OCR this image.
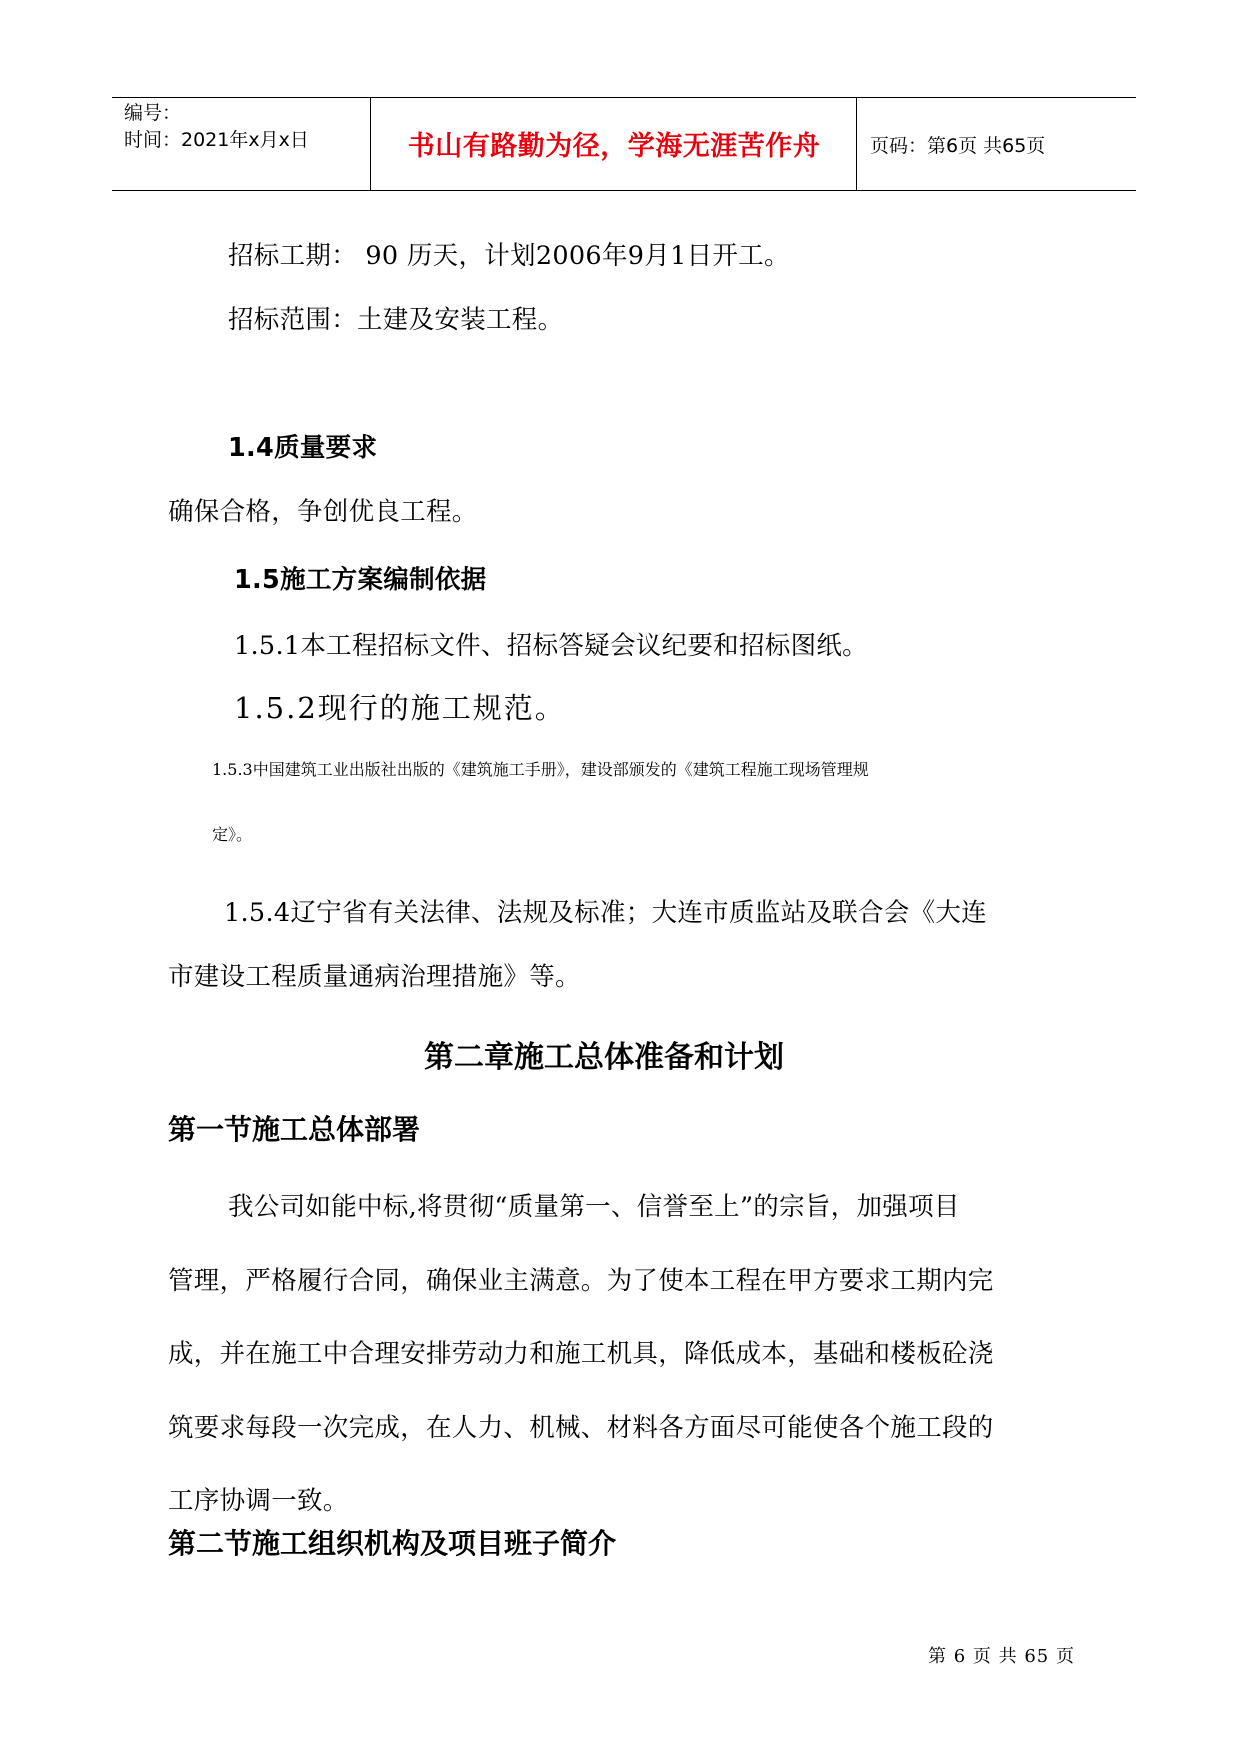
编号：
时间：2021年x月x日	书山有路勤为径，学海无涯苦作舟	页码：第6页 共65页
招标工期： 90 历天，计划2006年9月1日开工。
招标范围：土建及安装工程。
1.4质量要求
确保合格，争创优良工程。
1.5施工方案编制依据
1.5.1本工程招标文件、招标答疑会议纪要和招标图纸。
1.5.2现行的施工规范。
1.5.3中国建筑工业出版社出版的《建筑施工手册》，建设部颁发的《建筑工程施工现场管理规
定》。
1.5.4辽宁省有关法律、法规及标准；大连市质监站及联合会《大连
市建设工程质量通病治理措施》等。
第二章施工总体准备和计划
第一节施工总体部署
我公司如能中标,将贯彻“质量第一、信誉至上”的宗旨，加强项目
管理，严格履行合同，确保业主满意。为了使本工程在甲方要求工期内完
成，并在施工中合理安排劳动力和施工机具，降低成本，基础和楼板砼浇
筑要求每段一次完成，在人力、机械、材料各方面尽可能使各个施工段的
工序协调一致。
第二节施工组织机构及项目班子简介
第 6 页 共 65 页
